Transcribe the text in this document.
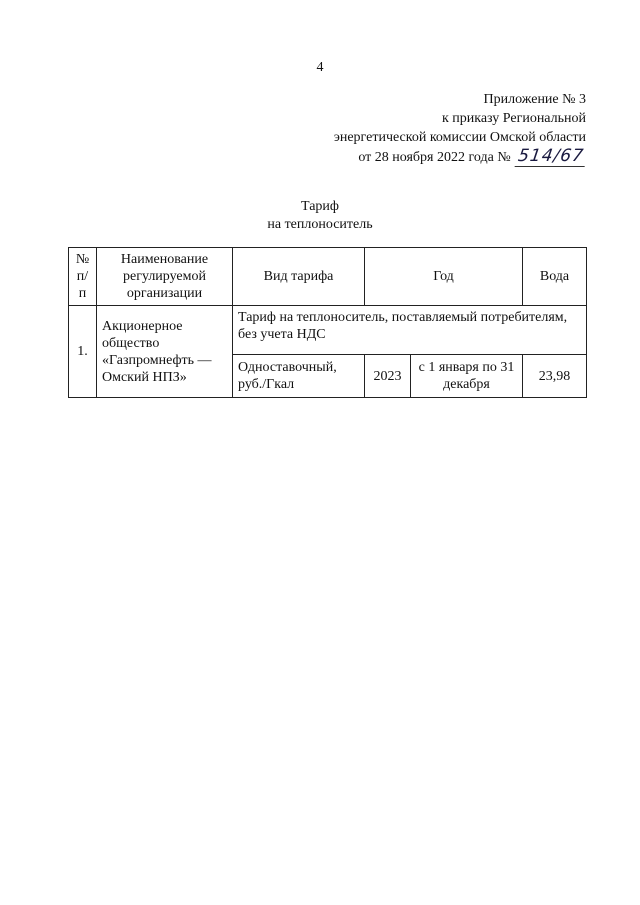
4
Приложение № 3
к приказу Региональной
энергетической комиссии Омской области
от 28 ноября 2022 года № 514/67
Тариф
на теплоноситель
№ п/п	Наименование регулируемой организации	Вид тарифа	Год		Вода
1.	Акционерное общество «Газпромнефть — Омский НПЗ»	Тариф на теплоноситель, поставляемый потребителям, без учета НДС			
		Одноставочный, руб./Гкал	2023	с 1 января по 31 декабря	23,98
